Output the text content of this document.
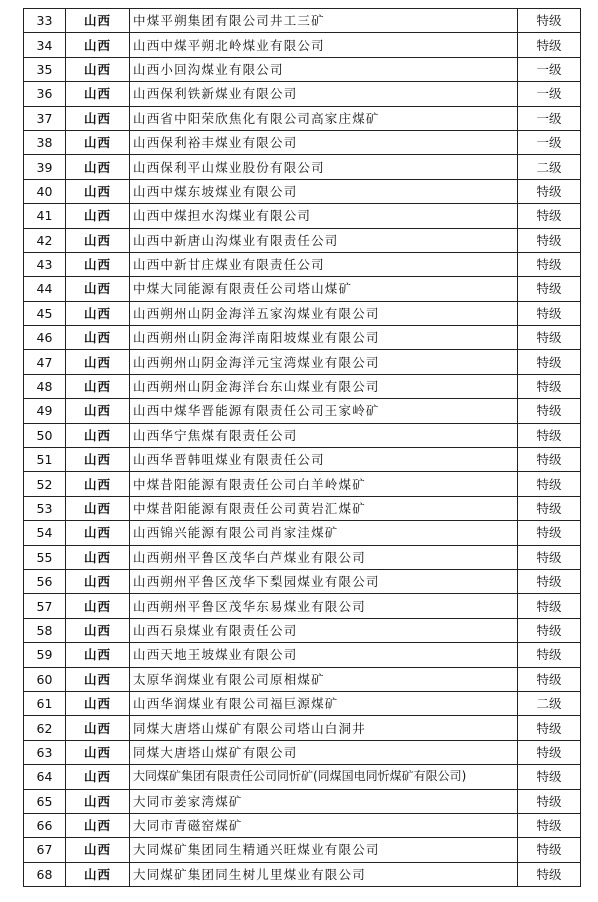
33	山西	中煤平朔集团有限公司井工三矿	特级
34	山西	山西中煤平朔北岭煤业有限公司	特级
35	山西	山西小回沟煤业有限公司	一级
36	山西	山西保利铁新煤业有限公司	一级
37	山西	山西省中阳荣欣焦化有限公司高家庄煤矿	一级
38	山西	山西保利裕丰煤业有限公司	一级
39	山西	山西保利平山煤业股份有限公司	二级
40	山西	山西中煤东坡煤业有限公司	特级
41	山西	山西中煤担水沟煤业有限公司	特级
42	山西	山西中新唐山沟煤业有限责任公司	特级
43	山西	山西中新甘庄煤业有限责任公司	特级
44	山西	中煤大同能源有限责任公司塔山煤矿	特级
45	山西	山西朔州山阴金海洋五家沟煤业有限公司	特级
46	山西	山西朔州山阴金海洋南阳坡煤业有限公司	特级
47	山西	山西朔州山阴金海洋元宝湾煤业有限公司	特级
48	山西	山西朔州山阴金海洋台东山煤业有限公司	特级
49	山西	山西中煤华晋能源有限责任公司王家岭矿	特级
50	山西	山西华宁焦煤有限责任公司	特级
51	山西	山西华晋韩咀煤业有限责任公司	特级
52	山西	中煤昔阳能源有限责任公司白羊岭煤矿	特级
53	山西	中煤昔阳能源有限责任公司黄岩汇煤矿	特级
54	山西	山西锦兴能源有限公司肖家洼煤矿	特级
55	山西	山西朔州平鲁区茂华白芦煤业有限公司	特级
56	山西	山西朔州平鲁区茂华下梨园煤业有限公司	特级
57	山西	山西朔州平鲁区茂华东易煤业有限公司	特级
58	山西	山西石泉煤业有限责任公司	特级
59	山西	山西天地王坡煤业有限公司	特级
60	山西	太原华润煤业有限公司原相煤矿	特级
61	山西	山西华润煤业有限公司福巨源煤矿	二级
62	山西	同煤大唐塔山煤矿有限公司塔山白洞井	特级
63	山西	同煤大唐塔山煤矿有限公司	特级
64	山西	大同煤矿集团有限责任公司同忻矿(同煤国电同忻煤矿有限公司)	特级
65	山西	大同市姜家湾煤矿	特级
66	山西	大同市青磁窑煤矿	特级
67	山西	大同煤矿集团同生精通兴旺煤业有限公司	特级
68	山西	大同煤矿集团同生树儿里煤业有限公司	特级
